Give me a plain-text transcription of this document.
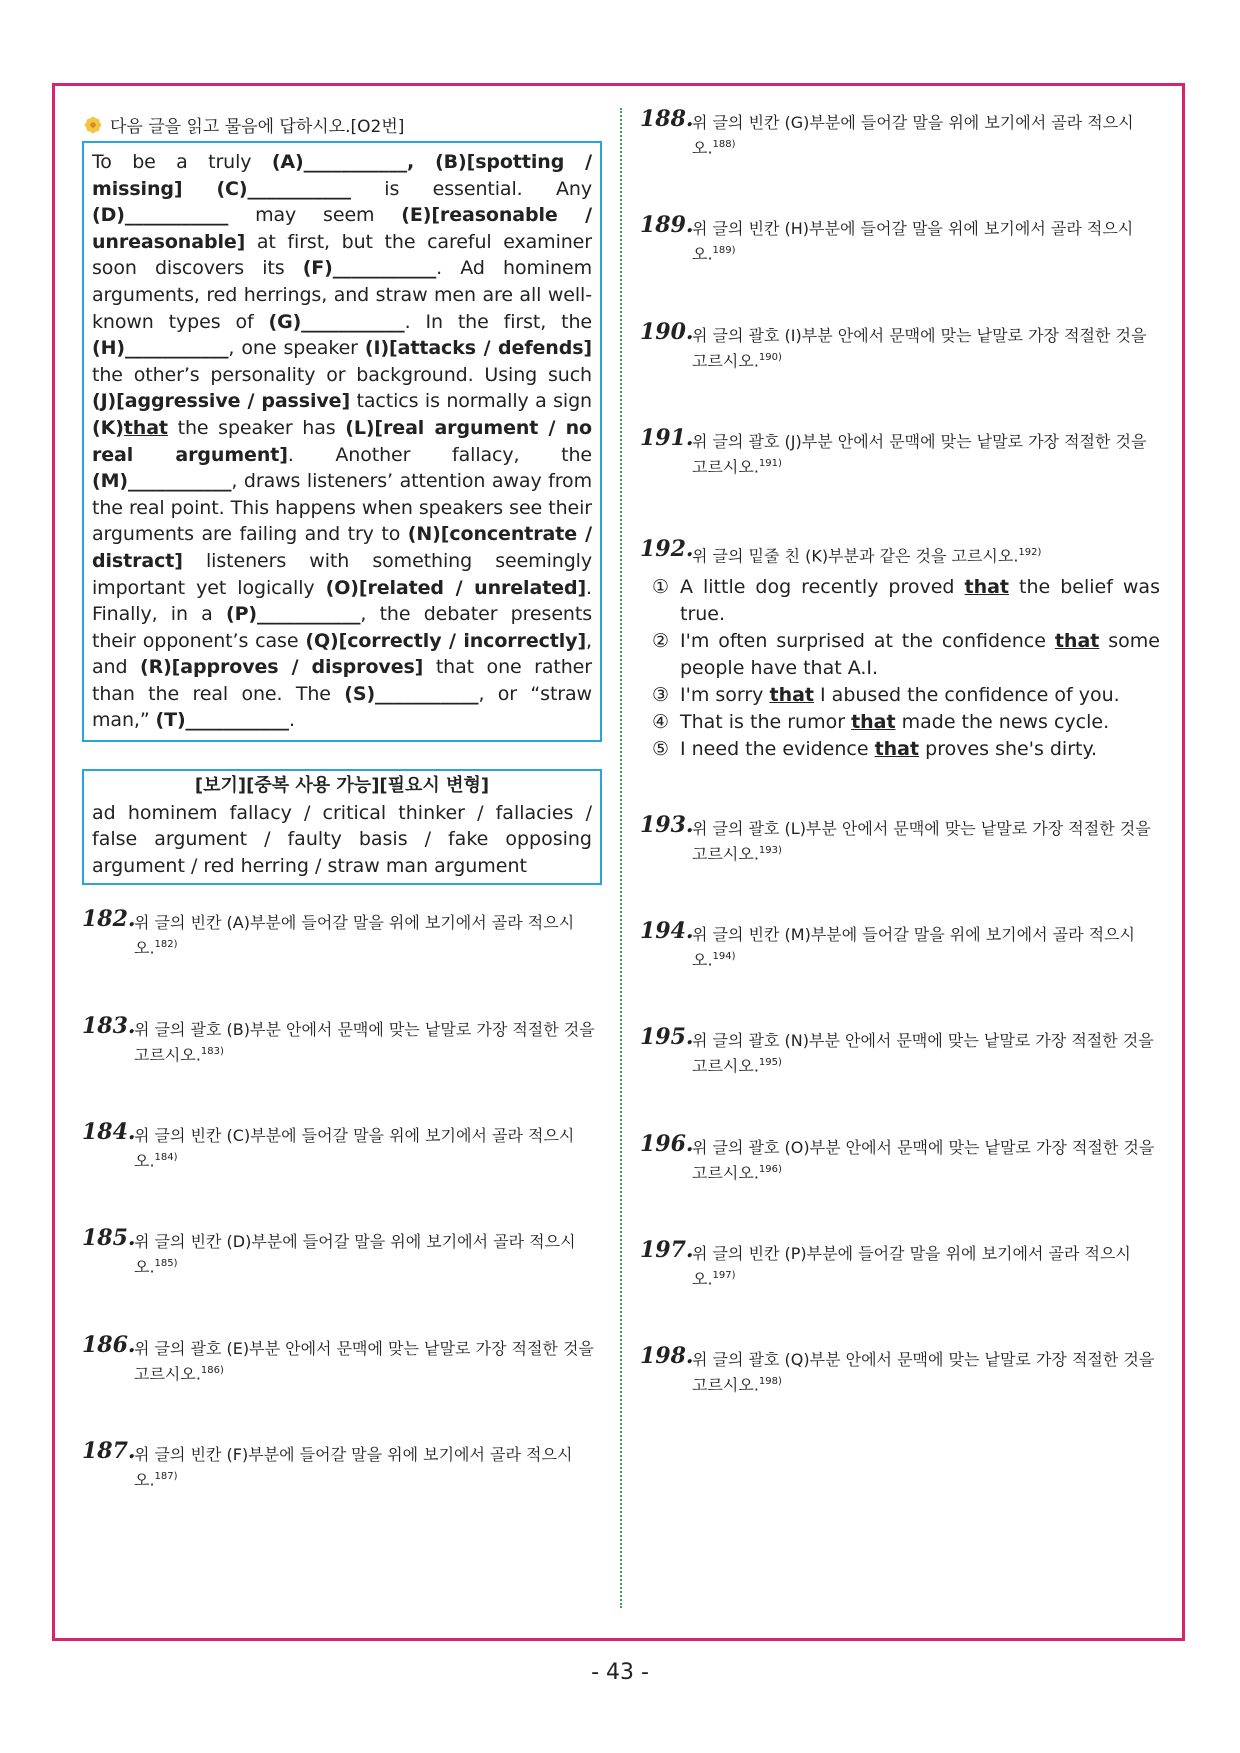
다음 글을 읽고 물음에 답하시오.[O2번]
To be a truly (A)___________, (B)[spotting / missing] (C)___________ is essential. Any (D)___________ may seem (E)[reasonable / unreasonable] at first, but the careful examiner soon discovers its (F)___________. Ad hominem arguments, red herrings, and straw men are all well-known types of (G)___________. In the first, the (H)___________, one speaker (I)[attacks / defends] the other’s personality or background. Using such (J)[aggressive / passive] tactics is normally a sign (K)that the speaker has (L)[real argument / no real argument]. Another fallacy, the (M)___________, draws listeners’ attention away from the real point. This happens when speakers see their arguments are failing and try to (N)[concentrate / distract] listeners with something seemingly important yet logically (O)[related / unrelated]. Finally, in a (P)___________, the debater presents their opponent’s case (Q)[correctly / incorrectly], and (R)[approves / disproves] that one rather than the real one. The (S)___________, or “straw man,” (T)___________.
[보기][중복 사용 가능][필요시 변형]
ad hominem fallacy / critical thinker / fallacies / false argument / faulty basis / fake opposing argument / red herring / straw man argument
182.
위 글의 빈칸 (A)부분에 들어갈 말을 위에 보기에서 골라 적으시오.$^{182)}$
183.
위 글의 괄호 (B)부분 안에서 문맥에 맞는 낱말로 가장 적절한 것을 고르시오.$^{183)}$
184.
위 글의 빈칸 (C)부분에 들어갈 말을 위에 보기에서 골라 적으시오.$^{184)}$
185.
위 글의 빈칸 (D)부분에 들어갈 말을 위에 보기에서 골라 적으시오.$^{185)}$
186.
위 글의 괄호 (E)부분 안에서 문맥에 맞는 낱말로 가장 적절한 것을 고르시오.$^{186)}$
187.
위 글의 빈칸 (F)부분에 들어갈 말을 위에 보기에서 골라 적으시오.$^{187)}$
188.
위 글의 빈칸 (G)부분에 들어갈 말을 위에 보기에서 골라 적으시오.$^{188)}$
189.
위 글의 빈칸 (H)부분에 들어갈 말을 위에 보기에서 골라 적으시오.$^{189)}$
190.
위 글의 괄호 (I)부분 안에서 문맥에 맞는 낱말로 가장 적절한 것을 고르시오.$^{190)}$
191.
위 글의 괄호 (J)부분 안에서 문맥에 맞는 낱말로 가장 적절한 것을 고르시오.$^{191)}$
192.
위 글의 밑줄 친 (K)부분과 같은 것을 고르시오.$^{192)}$
① A little dog recently proved that the belief was true.
② I'm often surprised at the confidence that some people have that A.I.
③ I'm sorry that I abused the confidence of you.
④ That is the rumor that made the news cycle.
⑤ I need the evidence that proves she's dirty.
193.
위 글의 괄호 (L)부분 안에서 문맥에 맞는 낱말로 가장 적절한 것을 고르시오.$^{193)}$
194.
위 글의 빈칸 (M)부분에 들어갈 말을 위에 보기에서 골라 적으시오.$^{194)}$
195.
위 글의 괄호 (N)부분 안에서 문맥에 맞는 낱말로 가장 적절한 것을 고르시오.$^{195)}$
196.
위 글의 괄호 (O)부분 안에서 문맥에 맞는 낱말로 가장 적절한 것을 고르시오.$^{196)}$
197.
위 글의 빈칸 (P)부분에 들어갈 말을 위에 보기에서 골라 적으시오.$^{197)}$
198.
위 글의 괄호 (Q)부분 안에서 문맥에 맞는 낱말로 가장 적절한 것을 고르시오.$^{198)}$
- 43 -
